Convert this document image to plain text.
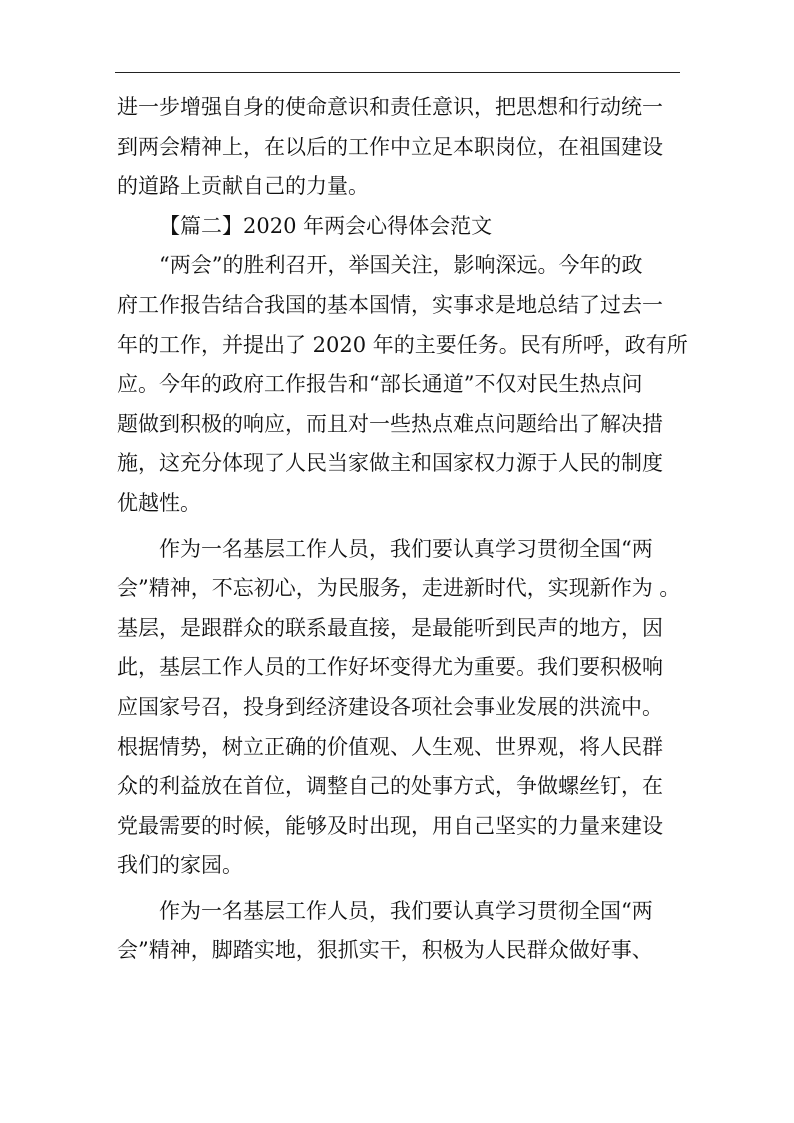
进一步增强自身的使命意识和责任意识，把思想和行动统一
到两会精神上，在以后的工作中立足本职岗位，在祖国建设
的道路上贡献自己的力量。

【篇二】2020 年两会心得体会范文

“两会”的胜利召开，举国关注，影响深远。今年的政
府工作报告结合我国的基本国情，实事求是地总结了过去一
年的工作，并提出了 2020 年的主要任务。民有所呼，政有所
应。今年的政府工作报告和“部长通道”不仅对民生热点问
题做到积极的响应，而且对一些热点难点问题给出了解决措
施，这充分体现了人民当家做主和国家权力源于人民的制度
优越性。

作为一名基层工作人员，我们要认真学习贯彻全国“两
会”精神，不忘初心，为民服务，走进新时代，实现新作为 。
基层，是跟群众的联系最直接，是最能听到民声的地方，因
此，基层工作人员的工作好坏变得尤为重要。我们要积极响
应国家号召，投身到经济建设各项社会事业发展的洪流中。
根据情势，树立正确的价值观、人生观、世界观，将人民群
众的利益放在首位，调整自己的处事方式，争做螺丝钉，在
党最需要的时候，能够及时出现，用自己坚实的力量来建设
我们的家园。

作为一名基层工作人员，我们要认真学习贯彻全国“两
会”精神，脚踏实地，狠抓实干，积极为人民群众做好事、
